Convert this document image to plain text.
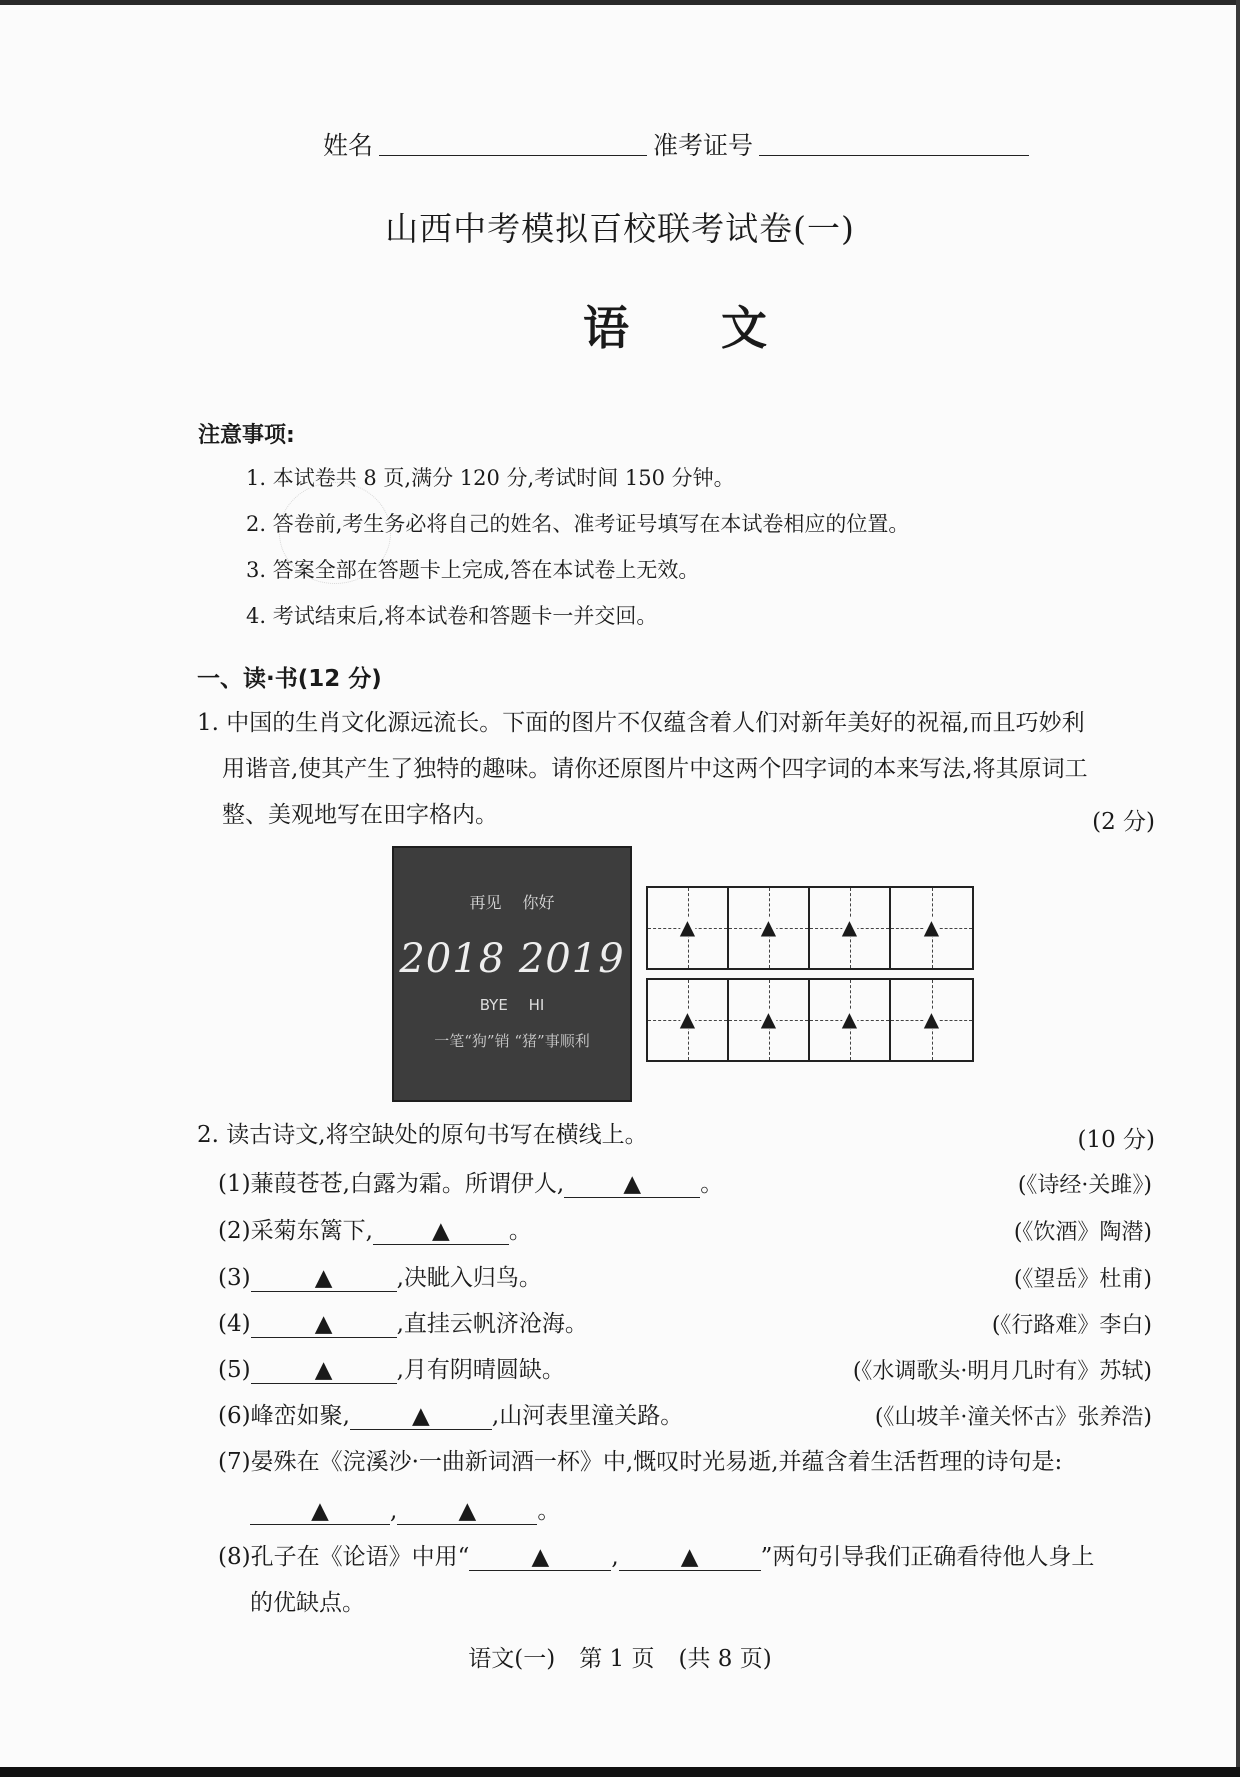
姓名	准考证号
山西中考模拟百校联考试卷(一)
语 文
注意事项:
1. 本试卷共 8 页,满分 120 分,考试时间 150 分钟。
2. 答卷前,考生务必将自己的姓名、准考证号填写在本试卷相应的位置。
3. 答案全部在答题卡上完成,答在本试卷上无效。
4. 考试结束后,将本试卷和答题卡一并交回。
一、读·书(12 分)
1. 中国的生肖文化源远流长。下面的图片不仅蕴含着人们对新年美好的祝福,而且巧妙利
用谐音,使其产生了独特的趣味。请你还原图片中这两个四字词的本来写法,将其原词工
整、美观地写在田字格内。	(2 分)
再见 你好
2018 2019
BYE HI
一笔“狗”销 “猪”事顺利
▲	▲	▲	▲
▲	▲	▲	▲
2. 读古诗文,将空缺处的原句书写在横线上。	(10 分)
(1)蒹葭苍苍,白露为霜。所谓伊人,	▲	。	(《诗经·关雎》)
(2)采菊东篱下,	▲	。	(《饮酒》陶潜)
(3)	▲	,决眦入归鸟。	(《望岳》杜甫)
(4)	▲	,直挂云帆济沧海。	(《行路难》李白)
(5)	▲	,月有阴晴圆缺。	(《水调歌头·明月几时有》苏轼)
(6)峰峦如聚,	▲	,山河表里潼关路。	(《山坡羊·潼关怀古》张养浩)
(7)晏殊在《浣溪沙·一曲新词酒一杯》中,慨叹时光易逝,并蕴含着生活哲理的诗句是:
▲	,	▲	。
(8)孔子在《论语》中用“	▲	,	▲	”两句引导我们正确看待他人身上
的优缺点。
语文(一) 第 1 页 (共 8 页)
